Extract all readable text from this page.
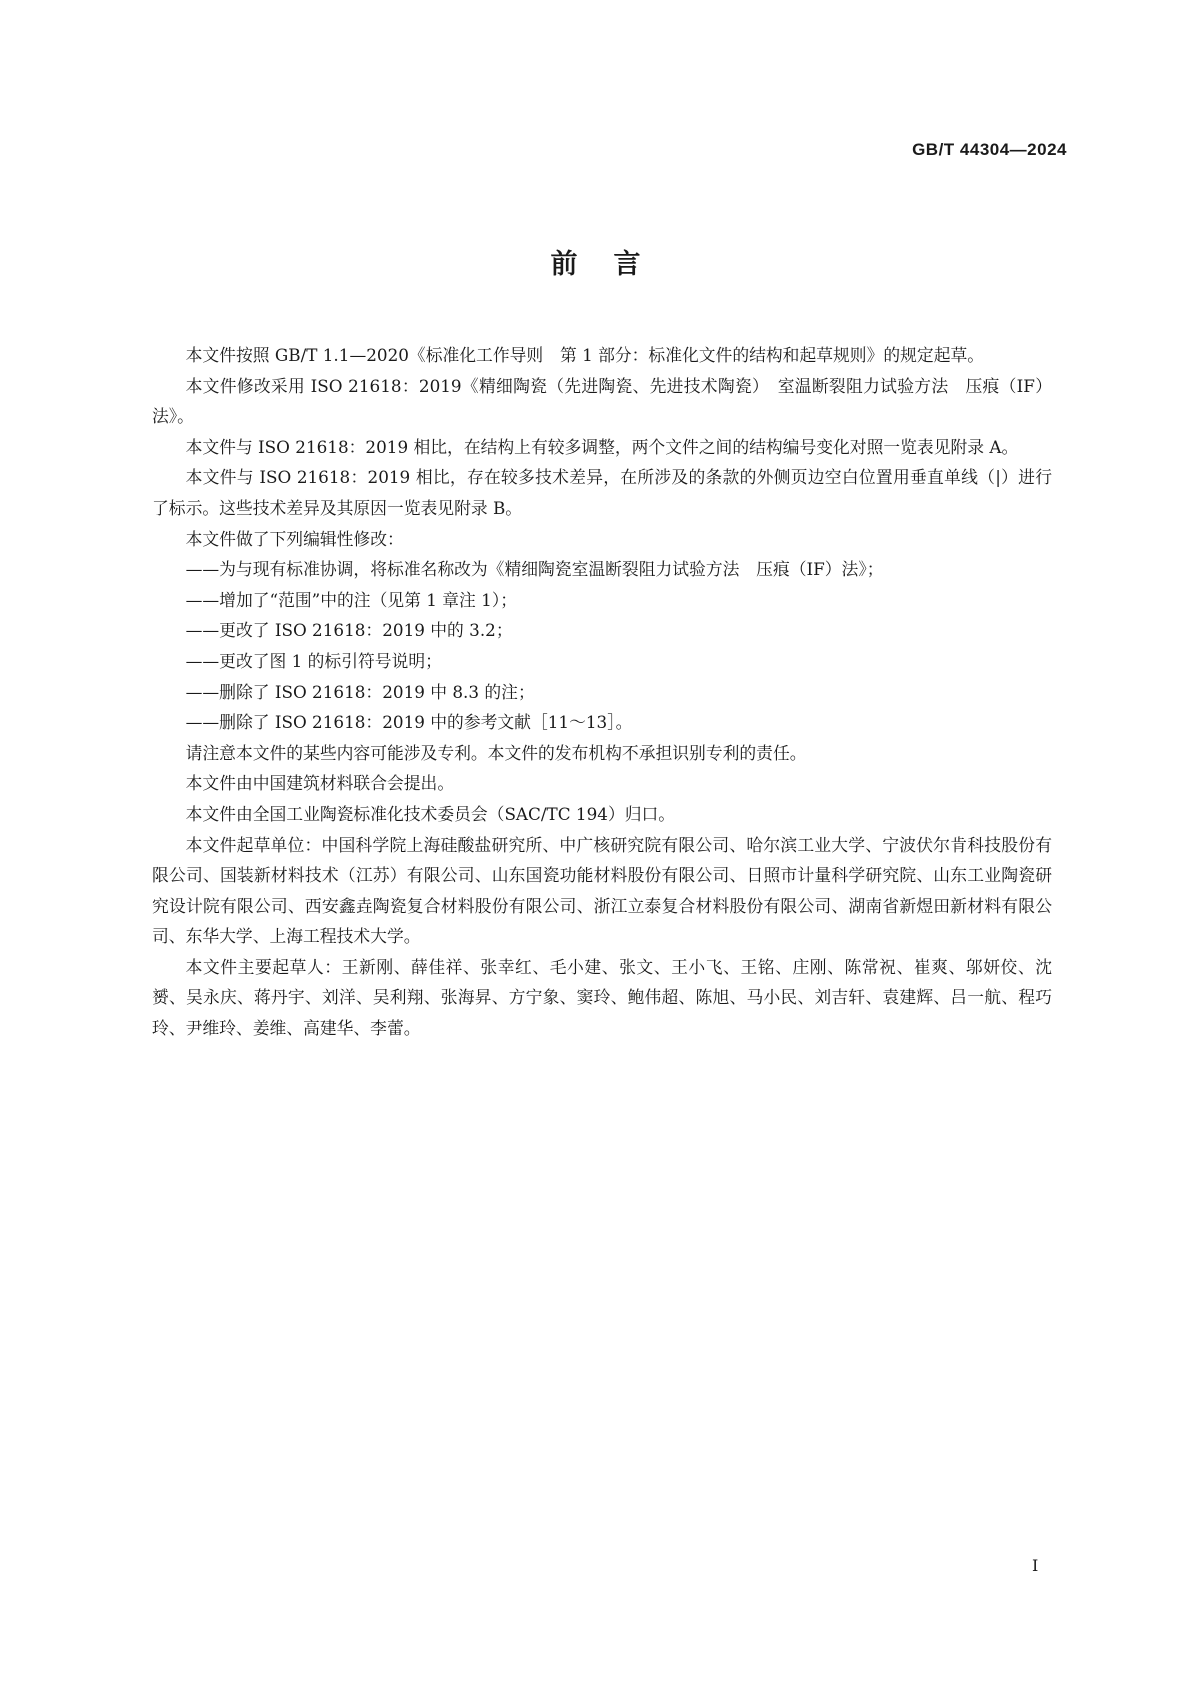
GB/T 44304—2024
前言

本文件按照 GB/T 1.1—2020《标准化工作导则　第 1 部分：标准化文件的结构和起草规则》的规定起草。

本文件修改采用 ISO 21618：2019《精细陶瓷（先进陶瓷、先进技术陶瓷）　室温断裂阻力试验方法　压痕（IF）法》。

本文件与 ISO 21618：2019 相比，在结构上有较多调整，两个文件之间的结构编号变化对照一览表见附录 A。

本文件与 ISO 21618：2019 相比，存在较多技术差异，在所涉及的条款的外侧页边空白位置用垂直单线（|）进行了标示。这些技术差异及其原因一览表见附录 B。

本文件做了下列编辑性修改：

——为与现有标准协调，将标准名称改为《精细陶瓷室温断裂阻力试验方法　压痕（IF）法》；

——增加了“范围”中的注（见第 1 章注 1）；

——更改了 ISO 21618：2019 中的 3.2；

——更改了图 1 的标引符号说明；

——删除了 ISO 21618：2019 中 8.3 的注；

——删除了 ISO 21618：2019 中的参考文献［11～13］。

请注意本文件的某些内容可能涉及专利。本文件的发布机构不承担识别专利的责任。

本文件由中国建筑材料联合会提出。

本文件由全国工业陶瓷标准化技术委员会（SAC/TC 194）归口。

本文件起草单位：中国科学院上海硅酸盐研究所、中广核研究院有限公司、哈尔滨工业大学、宁波伏尔肯科技股份有限公司、国装新材料技术（江苏）有限公司、山东国瓷功能材料股份有限公司、日照市计量科学研究院、山东工业陶瓷研究设计院有限公司、西安鑫垚陶瓷复合材料股份有限公司、浙江立泰复合材料股份有限公司、湖南省新煜田新材料有限公司、东华大学、上海工程技术大学。

本文件主要起草人：王新刚、薛佳祥、张幸红、毛小建、张文、王小飞、王铭、庄刚、陈常祝、崔爽、邬妍佼、沈赟、吴永庆、蒋丹宇、刘洋、吴利翔、张海昇、方宁象、窦玲、鲍伟超、陈旭、马小民、刘吉轩、袁建辉、吕一航、程巧玲、尹维玲、姜维、高建华、李蕾。

I
